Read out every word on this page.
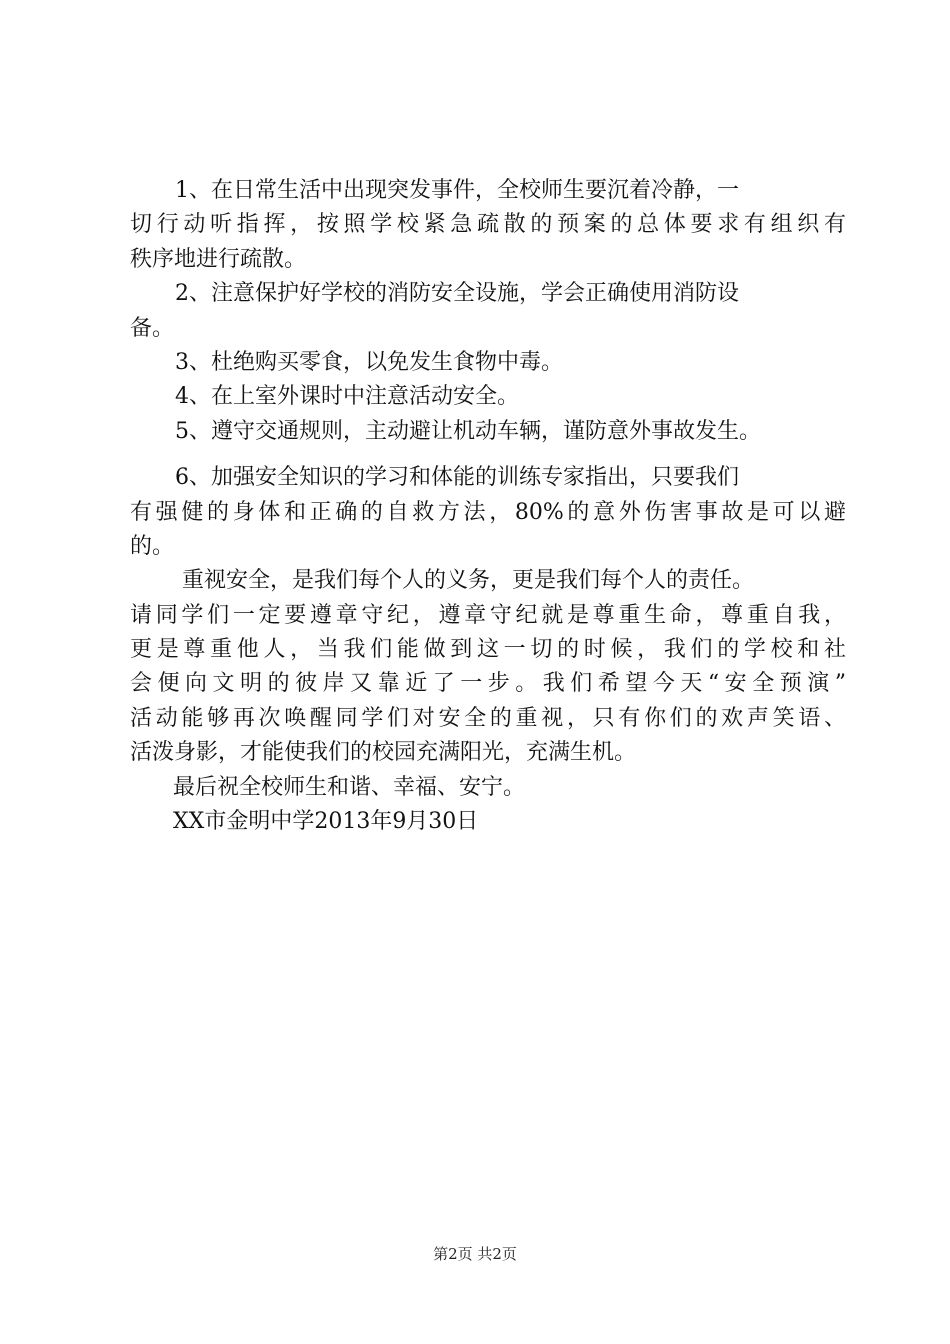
1、在日常生活中出现突发事件，全校师生要沉着冷静，一
切行动听指挥，按照学校紧急疏散的预案的总体要求有组织有
秩序地进行疏散。
2、注意保护好学校的消防安全设施，学会正确使用消防设
备。
3、杜绝购买零食，以免发生食物中毒。
4、在上室外课时中注意活动安全。
5、遵守交通规则，主动避让机动车辆，谨防意外事故发生。
6、加强安全知识的学习和体能的训练专家指出，只要我们
有强健的身体和正确的自救方法，80%的意外伤害事故是可以避
的。
重视安全，是我们每个人的义务，更是我们每个人的责任。
请同学们一定要遵章守纪，遵章守纪就是尊重生命，尊重自我，
更是尊重他人，当我们能做到这一切的时候，我们的学校和社
会便向文明的彼岸又靠近了一步。我们希望今天“安全预演”
活动能够再次唤醒同学们对安全的重视，只有你们的欢声笑语、
活泼身影，才能使我们的校园充满阳光，充满生机。
最后祝全校师生和谐、幸福、安宁。
XX市金明中学2013年9月30日
第2页 共2页
